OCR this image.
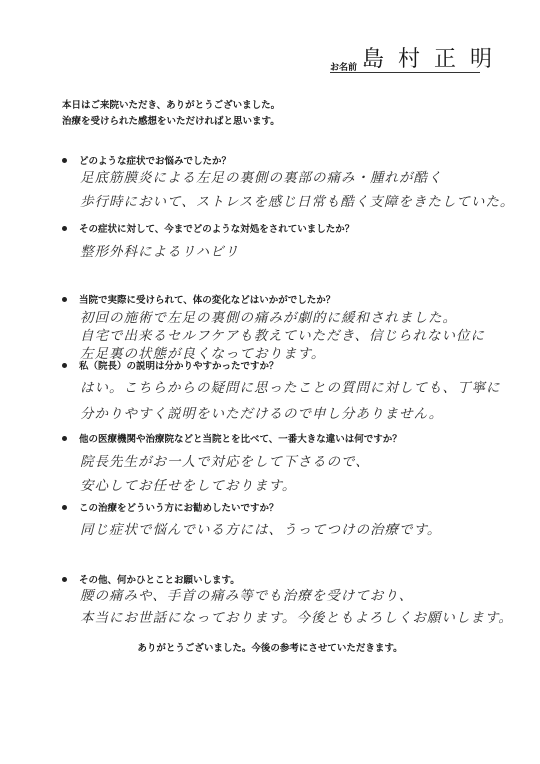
お名前 島村正明
本日はご来院いただき、ありがとうございました。
治療を受けられた感想をいただければと思います。
どのような症状でお悩みでしたか？
足底筋膜炎による左足の裏側の裏部の痛み・腫れが酷く
歩行時において、ストレスを感じ日常も酷く支障をきたしていた。
その症状に対して、今までどのような対処をされていましたか？
整形外科によるリハビリ
当院で実際に受けられて、体の変化などはいかがでしたか？
初回の施術で左足の裏側の痛みが劇的に緩和されました。
自宅で出来るセルフケアも教えていただき、信じられない位に
左足裏の状態が良くなっております。
私（院長）の説明は分かりやすかったですか？
はい。こちらからの疑問に思ったことの質問に対しても、丁寧に
分かりやすく説明をいただけるので申し分ありません。
他の医療機関や治療院などと当院とを比べて、一番大きな違いは何ですか？
院長先生がお一人で対応をして下さるので、
安心してお任せをしております。
この治療をどういう方にお勧めしたいですか？
同じ症状で悩んでいる方には、うってつけの治療です。
その他、何かひとことお願いします。
腰の痛みや、手首の痛み等でも治療を受けており、
本当にお世話になっております。今後ともよろしくお願いします。
ありがとうございました。今後の参考にさせていただきます。
